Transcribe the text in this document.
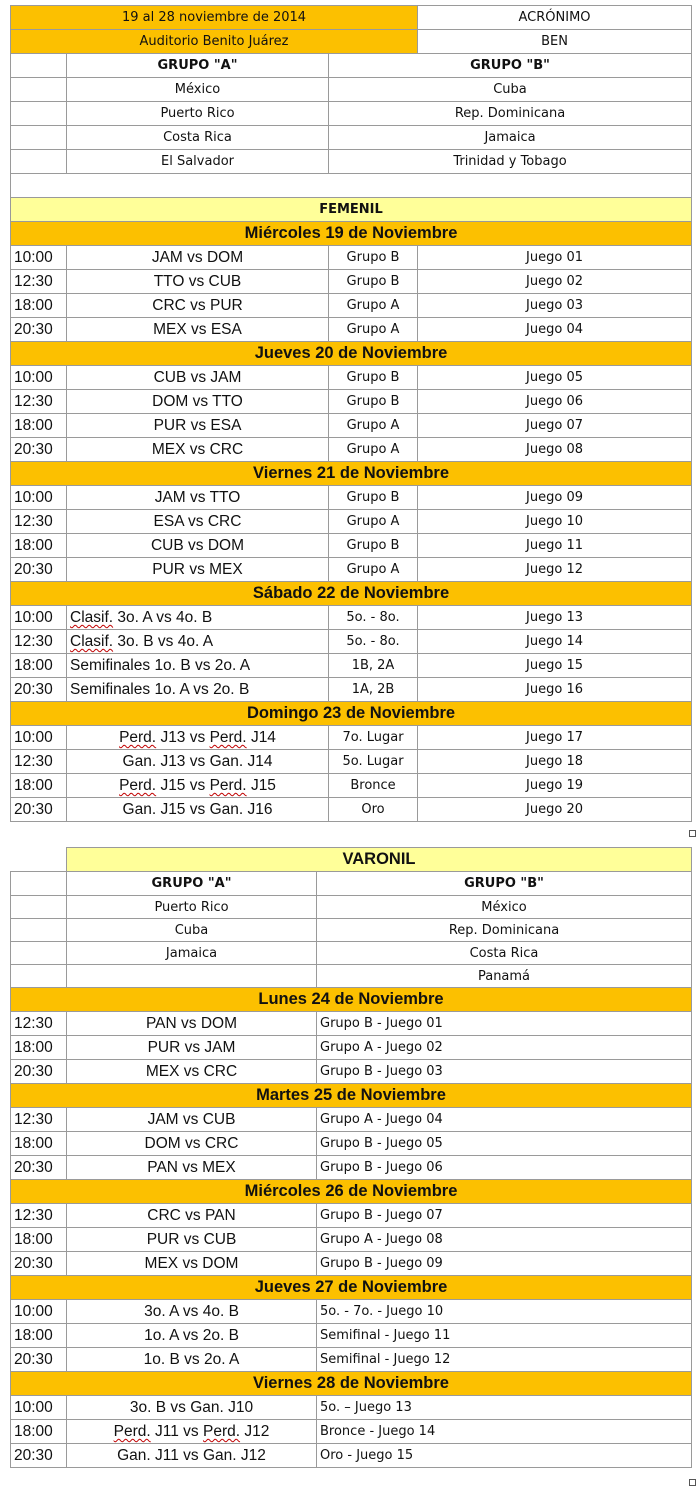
19 al 28 noviembre de 2014			ACRÓNIMO
Auditorio Benito Juárez			BEN
	GRUPO "A"	GRUPO "B"	
	México	Cuba	
	Puerto Rico	Rep. Dominicana	
	Costa Rica	Jamaica	
	El Salvador	Trinidad y Tobago	

FEMENIL			
Miércoles 19 de Noviembre			
10:00	JAM vs DOM	Grupo B	Juego 01
12:30	TTO vs CUB	Grupo B	Juego 02
18:00	CRC vs PUR	Grupo A	Juego 03
20:30	MEX vs ESA	Grupo A	Juego 04
Jueves 20 de Noviembre			
10:00	CUB vs JAM	Grupo B	Juego 05
12:30	DOM vs TTO	Grupo B	Juego 06
18:00	PUR vs ESA	Grupo A	Juego 07
20:30	MEX vs CRC	Grupo A	Juego 08
Viernes 21 de Noviembre			
10:00	JAM vs TTO	Grupo B	Juego 09
12:30	ESA vs CRC	Grupo A	Juego 10
18:00	CUB vs DOM	Grupo B	Juego 11
20:30	PUR vs MEX	Grupo A	Juego 12
Sábado 22 de Noviembre			
10:00	Clasif. 3o. A vs 4o. B	5o. - 8o.	Juego 13
12:30	Clasif. 3o. B vs 4o. A	5o. - 8o.	Juego 14
18:00	Semifinales 1o. B vs 2o. A	1B, 2A	Juego 15
20:30	Semifinales 1o. A vs 2o. B	1A, 2B	Juego 16
Domingo 23 de Noviembre			
10:00	Perd. J13 vs Perd. J14	7o. Lugar	Juego 17
12:30	Gan. J13 vs Gan. J14	5o. Lugar	Juego 18
18:00	Perd. J15 vs Perd. J15	Bronce	Juego 19
20:30	Gan. J15 vs Gan. J16	Oro	Juego 20
	VARONIL	
	GRUPO "A"	GRUPO "B"
	Puerto Rico	México
	Cuba	Rep. Dominicana
	Jamaica	Costa Rica
		Panamá
Lunes 24 de Noviembre		
12:30	PAN vs DOM	Grupo B - Juego 01
18:00	PUR vs JAM	Grupo A - Juego 02
20:30	MEX vs CRC	Grupo B - Juego 03
Martes 25 de Noviembre		
12:30	JAM vs CUB	Grupo A - Juego 04
18:00	DOM vs CRC	Grupo B - Juego 05
20:30	PAN vs MEX	Grupo B - Juego 06
Miércoles 26 de Noviembre		
12:30	CRC vs PAN	Grupo B - Juego 07
18:00	PUR vs CUB	Grupo A - Juego 08
20:30	MEX vs DOM	Grupo B - Juego 09
Jueves 27 de Noviembre		
10:00	3o. A vs 4o. B	5o. - 7o. - Juego 10
18:00	1o. A vs 2o. B	Semifinal - Juego 11
20:30	1o. B vs 2o. A	Semifinal - Juego 12
Viernes 28 de Noviembre		
10:00	3o. B vs Gan. J10	5o. – Juego 13
18:00	Perd. J11 vs Perd. J12	Bronce - Juego 14
20:30	Gan. J11 vs Gan. J12	Oro - Juego 15
